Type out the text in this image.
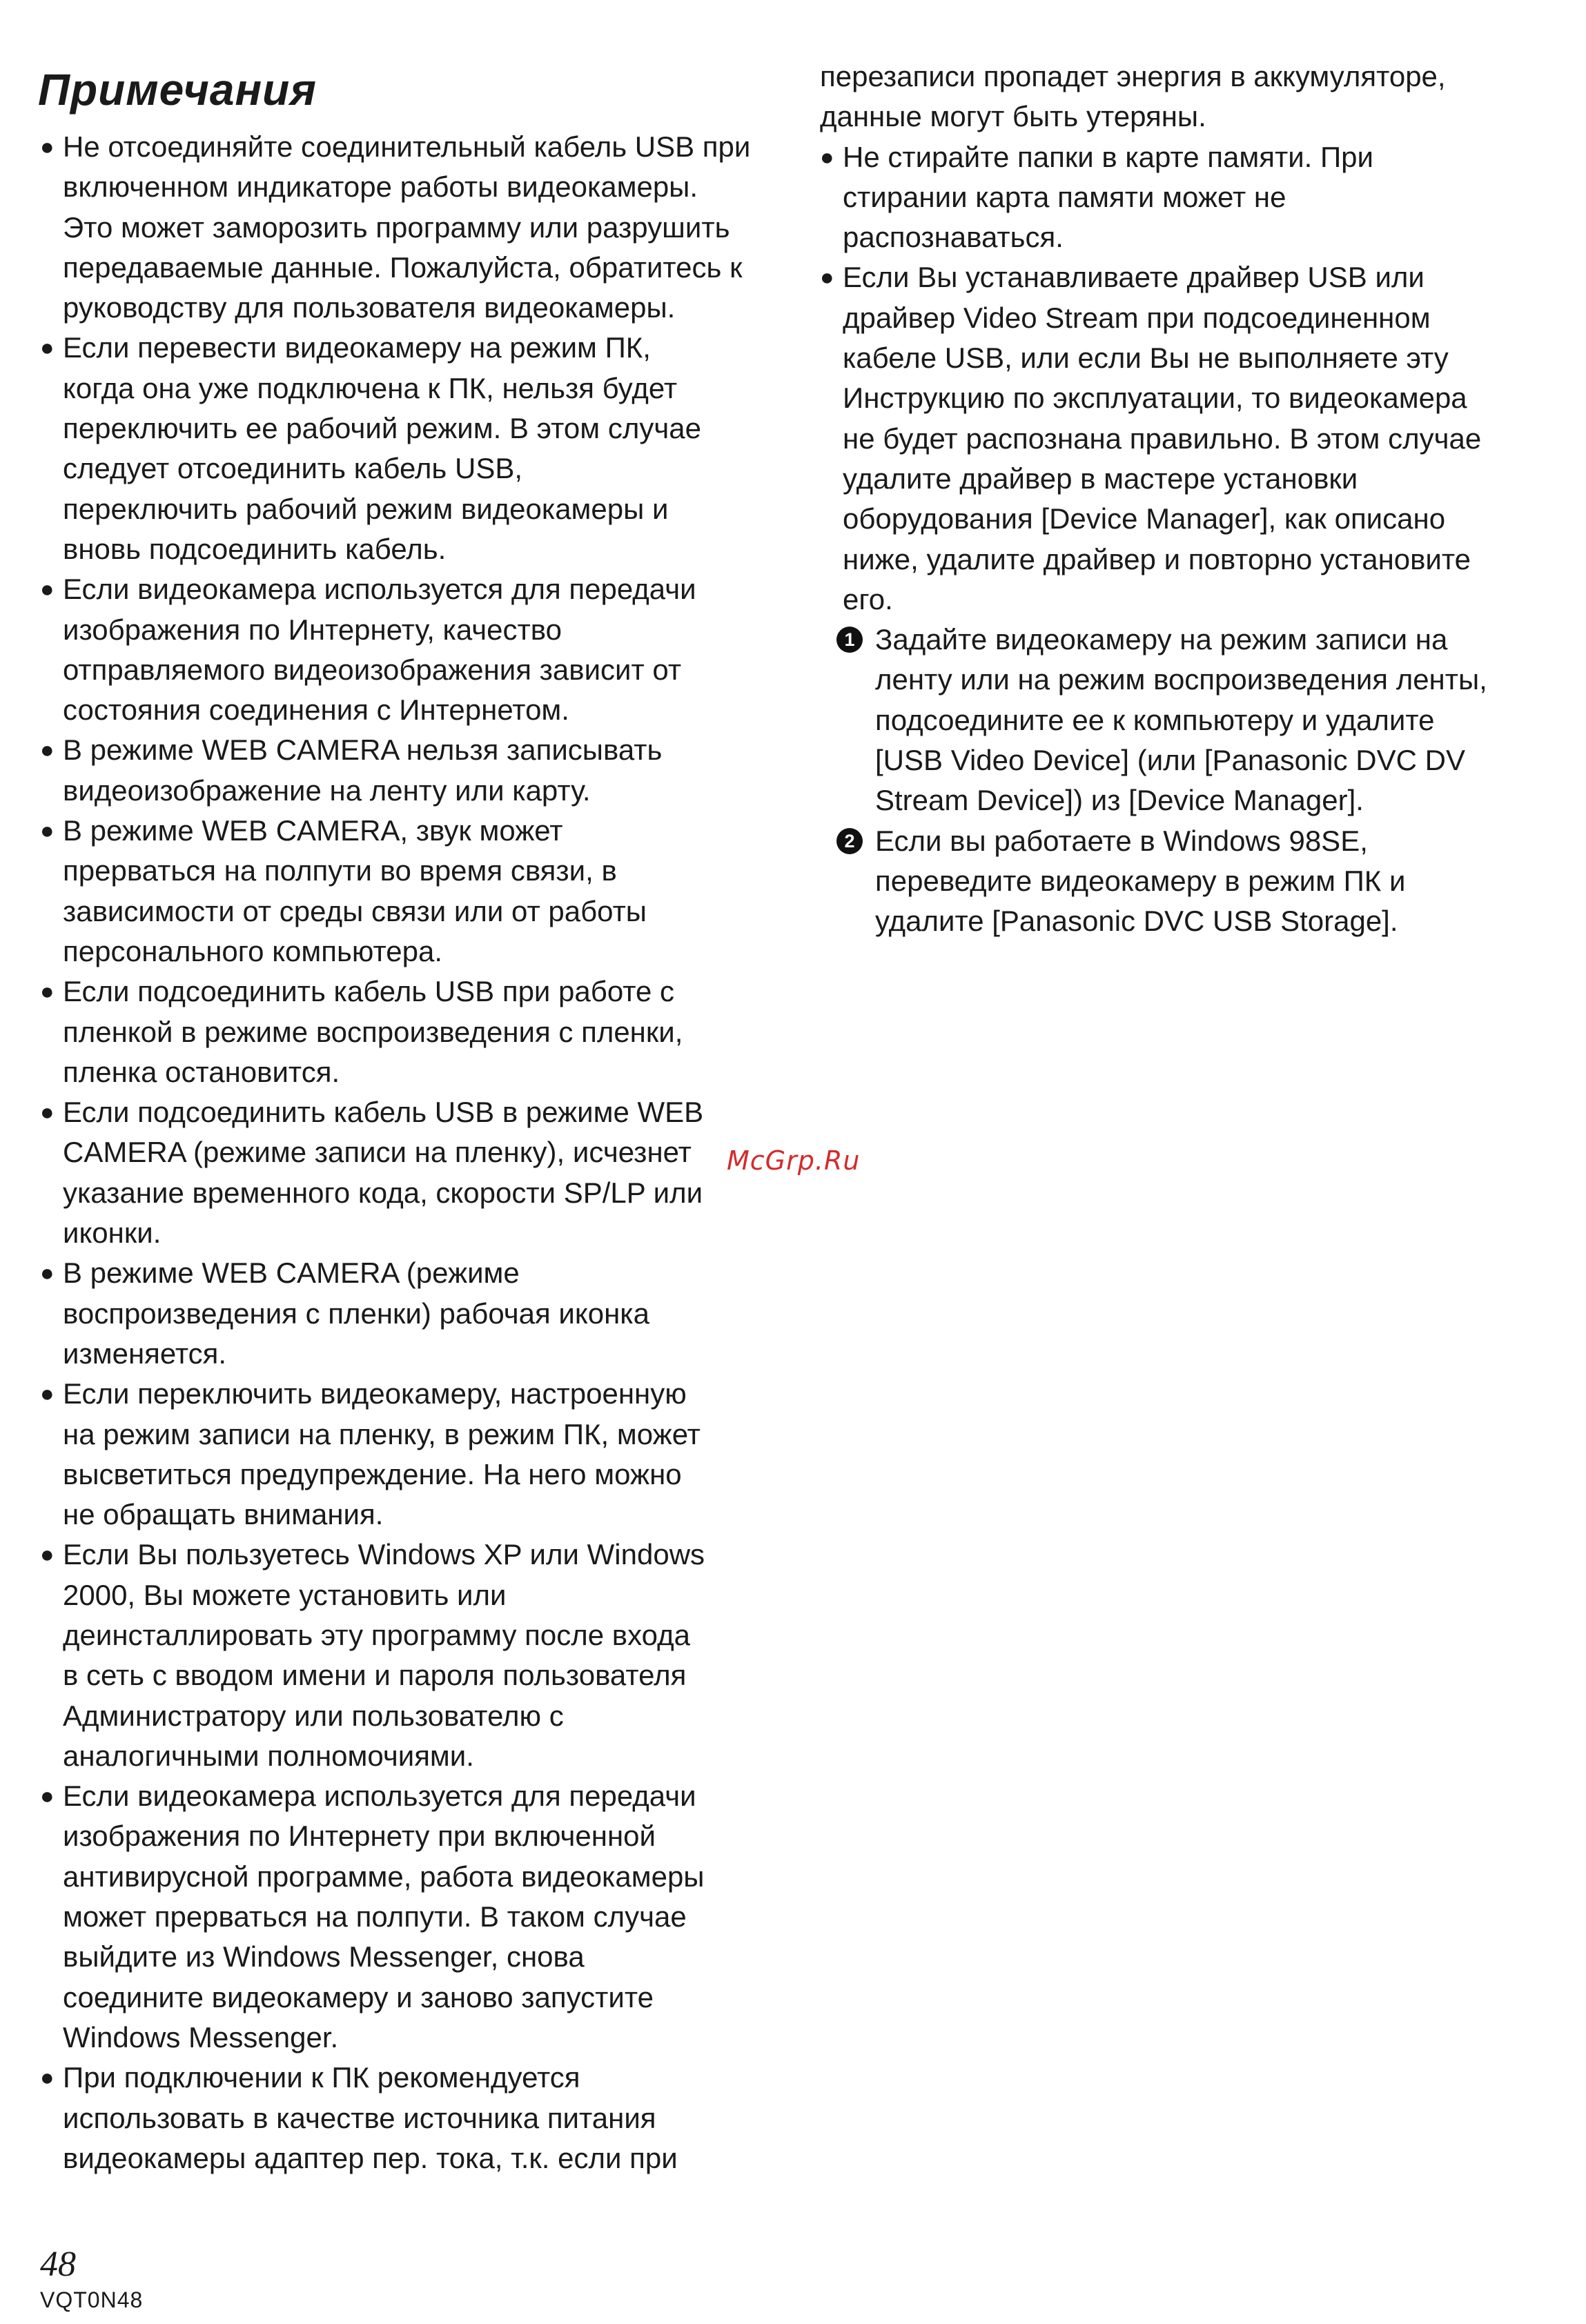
Примечания
● Не отсоединяйте соединительный кабель USB при
включенном индикаторе работы видеокамеры.
Это может заморозить программу или разрушить
передаваемые данные. Пожалуйста, обратитесь к
руководству для пользователя видеокамеры.
● Если перевести видеокамеру на режим ПК,
когда она уже подключена к ПК, нельзя будет
переключить ее рабочий режим. В этом случае
следует отсоединить кабель USB,
переключить рабочий режим видеокамеры и
вновь подсоединить кабель.
● Если видеокамера используется для передачи
изображения по Интернету, качество
отправляемого видеоизображения зависит от
состояния соединения с Интернетом.
● В режиме WEB CAMERA нельзя записывать
видеоизображение на ленту или карту.
● В режиме WEB CAMERA, звук может
прерваться на полпути во время связи, в
зависимости от среды связи или от работы
персонального компьютера.
● Если подсоединить кабель USB при работе с
пленкой в режиме воспроизведения с пленки,
пленка остановится.
● Если подсоединить кабель USB в режиме WEB
CAMERA (режиме записи на пленку), исчезнет
указание временного кода, скорости SP/LP или
иконки.
● В режиме WEB CAMERA (режиме
воспроизведения с пленки) рабочая иконка
изменяется.
● Если переключить видеокамеру, настроенную
на режим записи на пленку, в режим ПК, может
высветиться предупреждение. На него можно
не обращать внимания.
● Если Вы пользуетесь Windows XP или Windows
2000, Вы можете установить или
деинсталлировать эту программу после входа
в сеть с вводом имени и пароля пользователя
Администратору или пользователю с
аналогичными полномочиями.
● Если видеокамера используется для передачи
изображения по Интернету при включенной
антивирусной программе, работа видеокамеры
может прерваться на полпути. В таком случае
выйдите из Windows Messenger, снова
соедините видеокамеру и заново запустите
Windows Messenger.
● При подключении к ПК рекомендуется
использовать в качестве источника питания
видеокамеры адаптер пер. тока, т.к. если при
перезаписи пропадет энергия в аккумуляторе,
данные могут быть утеряны.
● Не стирайте папки в карте памяти. При
стирании карта памяти может не
распознаваться.
● Если Вы устанавливаете драйвер USB или
драйвер Video Stream при подсоединенном
кабеле USB, или если Вы не выполняете эту
Инструкцию по эксплуатации, то видеокамера
не будет распознана правильно. В этом случае
удалите драйвер в мастере установки
оборудования [Device Manager], как описано
ниже, удалите драйвер и повторно установите
его.
1 Задайте видеокамеру на режим записи на
ленту или на режим воспроизведения ленты,
подсоедините ее к компьютеру и удалите
[USB Video Device] (или [Panasonic DVC DV
Stream Device]) из [Device Manager].
2 Если вы работаете в Windows 98SE,
переведите видеокамеру в режим ПК и
удалите [Panasonic DVC USB Storage].
McGrp.Ru
48
VQT0N48
